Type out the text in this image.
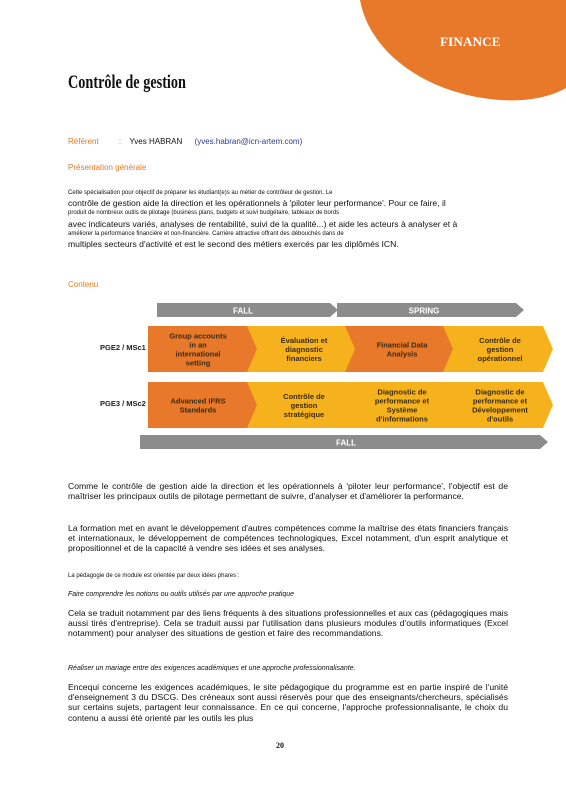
FINANCE
Contrôle de gestion
Référent	: Yves HABRAN (yves.habran@icn-artem.com)
Présentation générale

Cette spécialisation pour objectif de préparer les étudiant(e)s au métier de contrôleur de gestion. Le

contrôle de gestion aide la direction et les opérationnels à 'piloter leur performance'. Pour ce faire, il

produit de nombreux outils de pilotage (business plans, budgets et suivi budgétaire, tableaux de bords

avec indicateurs variés, analyses de rentabilité, suivi de la qualité...) et aide les acteurs à analyser et à

améliorer la performance financière et non-financière. Carrière attractive offrant des débouchés dans de

multiples secteurs d'activité et est le second des métiers exercés par les diplômés ICN.

Contenu
FALL	SPRING
PGE2 / MSc1
PGE3 / MSc2
Group accounts
in an
international
setting
Évaluation et
diagnostic
financiers
Financial Data
Analysis
Contrôle de
gestion
opérationnel
Advanced IFRS
Standards
Contrôle de
gestion
stratégique
Diagnostic de
performance et
Système
d'informations
Diagnostic de
performance et
Développement
d'outils
FALL
Comme le contrôle de gestion aide la direction et les opérationnels à 'piloter leur performance', l'objectif est de maîtriser les principaux outils de pilotage permettant de suivre, d'analyser et d'améliorer la performance.
La formation met en avant le développement d'autres compétences comme la maîtrise des états financiers français et internationaux, le développement de compétences technologiques, Excel notamment, d'un esprit analytique et propositionnel et de la capacité à vendre ses idées et ses analyses.
La pédagogie de ce module est orientée par deux idées phares :
Faire comprendre les notions ou outils utilisés par une approche pratique
Cela se traduit notamment par des liens fréquents à des situations professionnelles et aux cas (pédagogiques mais aussi tirés d'entreprise). Cela se traduit aussi par l'utilisation dans plusieurs modules d'outils informatiques (Excel notamment) pour analyser des situations de gestion et faire des recommandations.
Réaliser un mariage entre des exigences académiques et une approche professionnalisante.
Encequi concerne les exigences académiques, le site pédagogique du programme est en partie inspiré de l'unité d'enseignement 3 du DSCG. Des créneaux sont aussi réservés pour que des enseignants/chercheurs, spécialisés sur certains sujets, partagent leur connaissance. En ce qui concerne, l'approche professionnalisante, le choix du contenu a aussi été orienté par les outils les plus
20
